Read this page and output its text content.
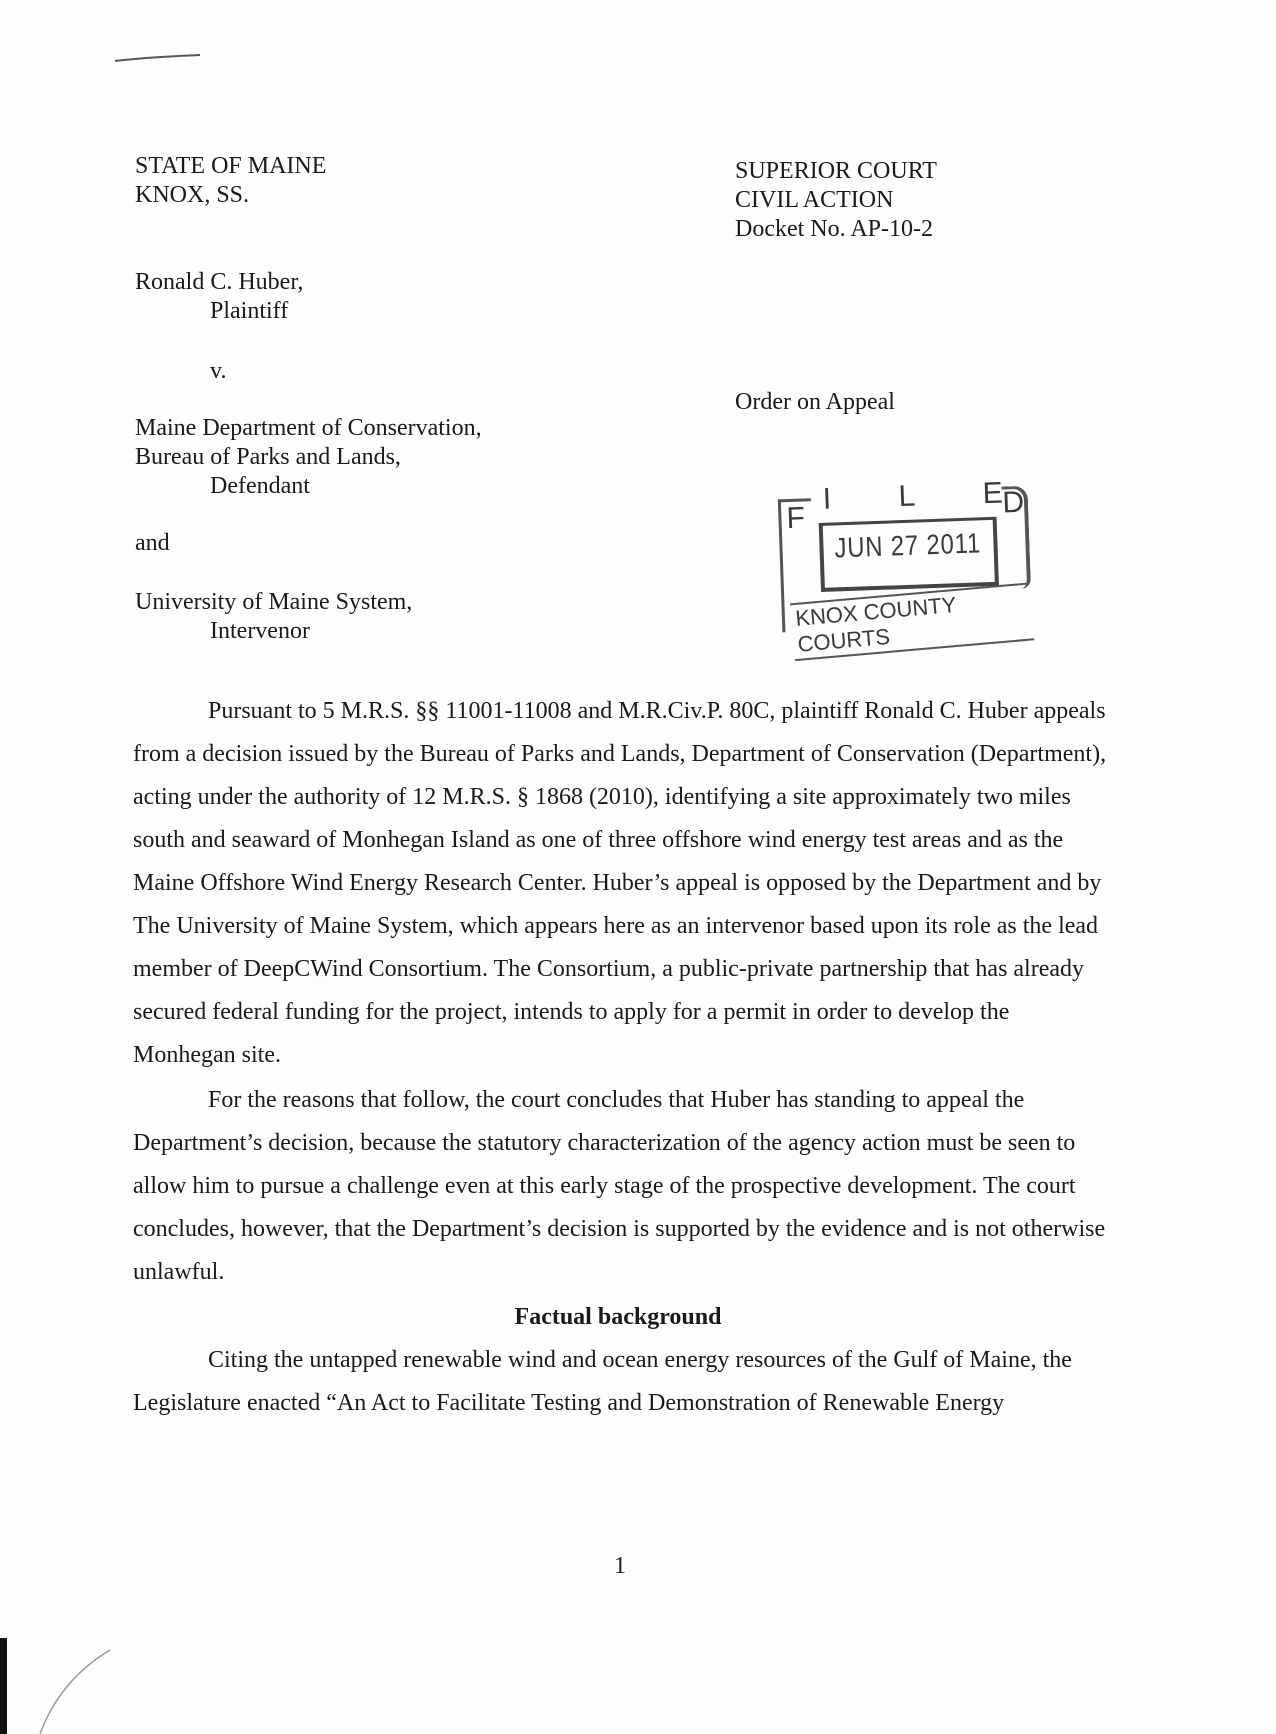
STATE OF MAINE
KNOX, SS.
SUPERIOR COURT
CIVIL ACTION
Docket No. AP-10-2
Ronald C. Huber,
Plaintiff
v.
Maine Department of Conservation,
Bureau of Parks and Lands,
Defendant
and
University of Maine System,
Intervenor
Order on Appeal
I L E
F	D
JUN 27 2011
KNOX COUNTY COURTS

Pursuant to 5 M.R.S. §§ 11001-11008 and M.R.Civ.P. 80C, plaintiff Ronald C. Huber appeals from a decision issued by the Bureau of Parks and Lands, Department of Conservation (Department), acting under the authority of 12 M.R.S. § 1868 (2010), identifying a site approximately two miles south and seaward of Monhegan Island as one of three offshore wind energy test areas and as the Maine Offshore Wind Energy Research Center. Huber’s appeal is opposed by the Department and by The University of Maine System, which appears here as an intervenor based upon its role as the lead member of DeepCWind Consortium. The Consortium, a public-private partnership that has already secured federal funding for the project, intends to apply for a permit in order to develop the Monhegan site.

For the reasons that follow, the court concludes that Huber has standing to appeal the Department’s decision, because the statutory characterization of the agency action must be seen to allow him to pursue a challenge even at this early stage of the prospective development. The court concludes, however, that the Department’s decision is supported by the evidence and is not otherwise unlawful.

Factual background

Citing the untapped renewable wind and ocean energy resources of the Gulf of Maine, the Legislature enacted “An Act to Facilitate Testing and Demonstration of Renewable Energy

1
